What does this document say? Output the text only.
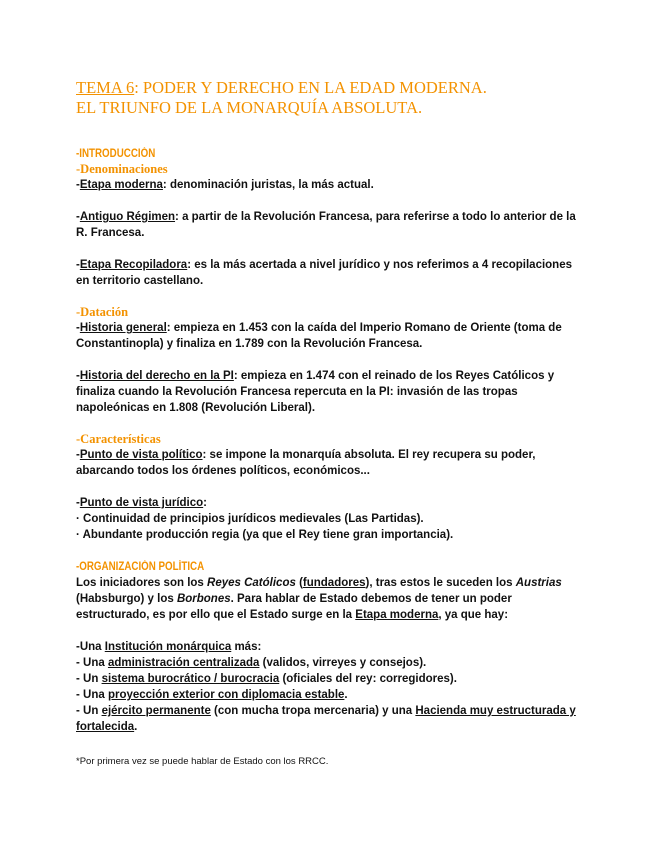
TEMA 6: PODER Y DERECHO EN LA EDAD MODERNA.
EL TRIUNFO DE LA MONARQUÍA ABSOLUTA.
-INTRODUCCIÓN
-Denominaciones

-Etapa moderna: denominación juristas, la más actual.

-Antiguo Régimen: a partir de la Revolución Francesa, para referirse a todo lo anterior de la R. Francesa.

-Etapa Recopiladora: es la más acertada a nivel jurídico y nos referimos a 4 recopilaciones en territorio castellano.

-Datación

-Historia general: empieza en 1.453 con la caída del Imperio Romano de Oriente (toma de Constantinopla) y finaliza en 1.789 con la Revolución Francesa.

-Historia del derecho en la PI: empieza en 1.474 con el reinado de los Reyes Católicos y finaliza cuando la Revolución Francesa repercuta en la PI: invasión de las tropas napoleónicas en 1.808 (Revolución Liberal).

-Características

-Punto de vista político: se impone la monarquía absoluta. El rey recupera su poder, abarcando todos los órdenes políticos, económicos...

-Punto de vista jurídico:

· Continuidad de principios jurídicos medievales (Las Partidas).

· Abundante producción regia (ya que el Rey tiene gran importancia).

-ORGANIZACIÓN POLÍTICA

Los iniciadores son los Reyes Católicos (fundadores), tras estos le suceden los Austrias (Habsburgo) y los Borbones. Para hablar de Estado debemos de tener un poder estructurado, es por ello que el Estado surge en la Etapa moderna, ya que hay:

-Una Institución monárquica más:

- Una administración centralizada (validos, virreyes y consejos).

- Un sistema burocrático / burocracia (oficiales del rey: corregidores).

- Una proyección exterior con diplomacia estable.

- Un ejército permanente (con mucha tropa mercenaria) y una Hacienda muy estructurada y fortalecida.

*Por primera vez se puede hablar de Estado con los RRCC.
